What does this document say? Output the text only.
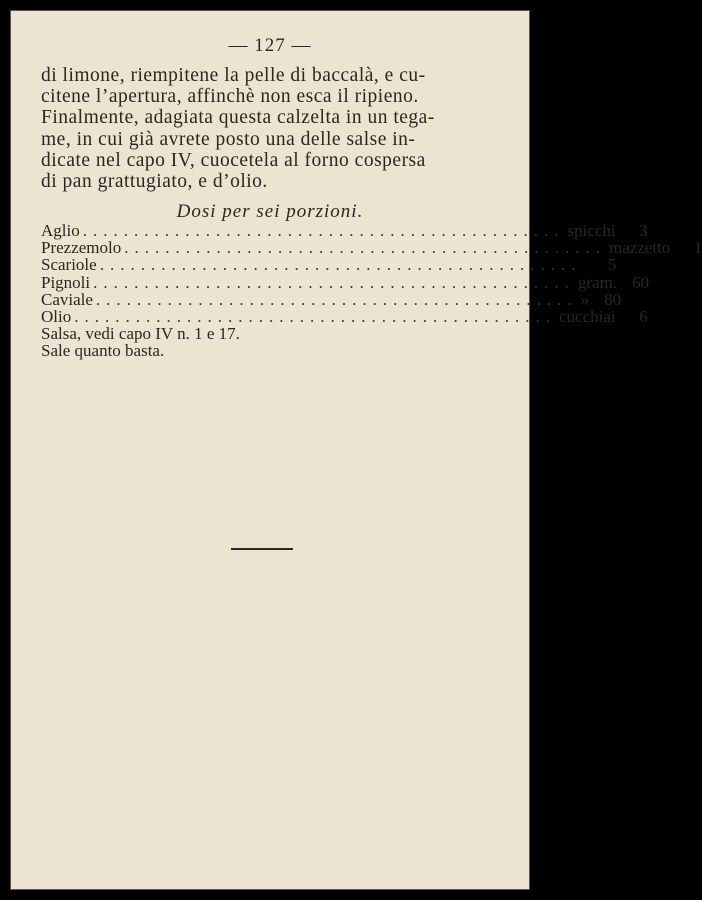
— 127 —
di limone, riempitene la pelle di baccalà, e cu-
citene l’apertura, affinchè non esca il ripieno.
Finalmente, adagiata questa calzelta in un tega-
me, in cui già avrete posto una delle salse in-
dicate nel capo IV, cuocetela al forno cospersa
di pan grattugiato, e d’olio.
Dosi per sei porzioni.
Aglio ............................................... spicchi	3
Prezzemolo ............................................... mazzetto	1
Scariole ...............................................	5
Pignoli ............................................... gram. 60
Caviale ............................................... » 80
Olio ............................................... cucchiai	6
Salsa, vedi capo IV n. 1 e 17.
Sale quanto basta.
